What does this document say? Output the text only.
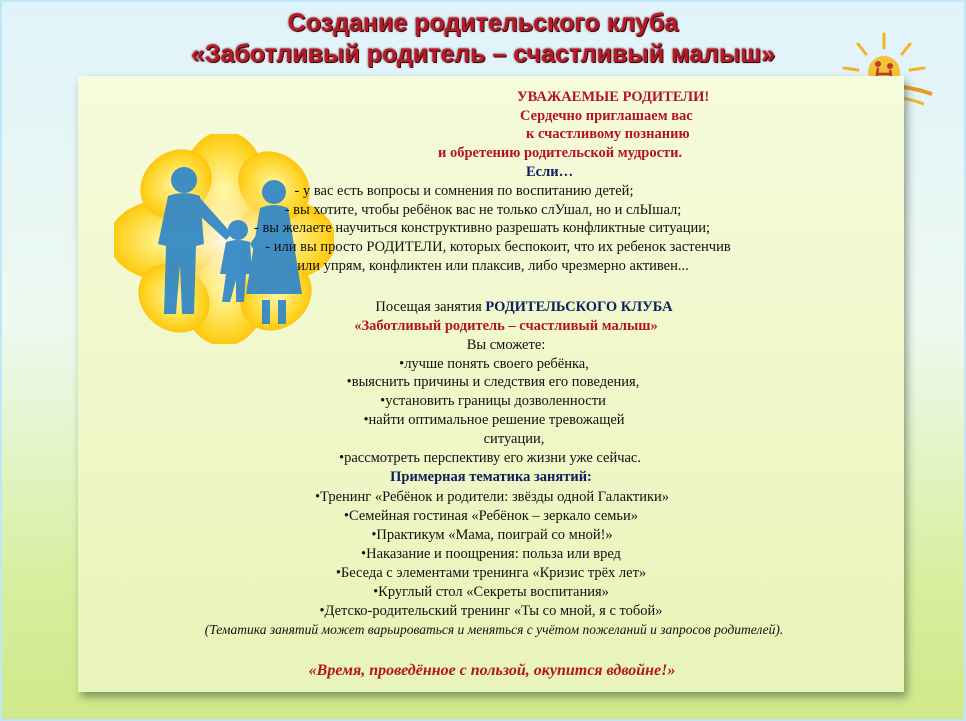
Создание родительского клуба
«Заботливый родитель – счастливый малыш»
УВАЖАЕМЫЕ РОДИТЕЛИ!
Сердечно приглашаем вас
к счастливому познанию
и обретению родительской мудрости.
Если…
- у вас есть вопросы и сомнения по воспитанию детей;
- вы хотите, чтобы ребёнок вас не только слУшал, но и слЫшал;
- вы желаете научиться конструктивно разрешать конфликтные ситуации;
- или вы просто РОДИТЕЛИ, которых беспокоит, что их ребенок застенчив
или упрям, конфликтен или плаксив, либо чрезмерно активен...
Посещая занятия РОДИТЕЛЬСКОГО КЛУБА
«Заботливый родитель – счастливый малыш»
Вы сможете:
•лучше понять своего ребёнка,
•выяснить причины и следствия его поведения,
•установить границы дозволенности
•найти оптимальное решение тревожащей
ситуации,
•рассмотреть перспективу его жизни уже сейчас.
Примерная тематика занятий:
•Тренинг «Ребёнок и родители: звёзды одной Галактики»
•Семейная гостиная «Ребёнок – зеркало семьи»
•Практикум «Мама, поиграй со мной!»
•Наказание и поощрения: польза или вред
•Беседа с элементами тренинга «Кризис трёх лет»
•Круглый стол «Секреты воспитания»
•Детско-родительский тренинг «Ты со мной, я с тобой»
(Тематика занятий может варьироваться и меняться с учётом пожеланий и запросов родителей).
«Время, проведённое с пользой, окупится вдвойне!»
